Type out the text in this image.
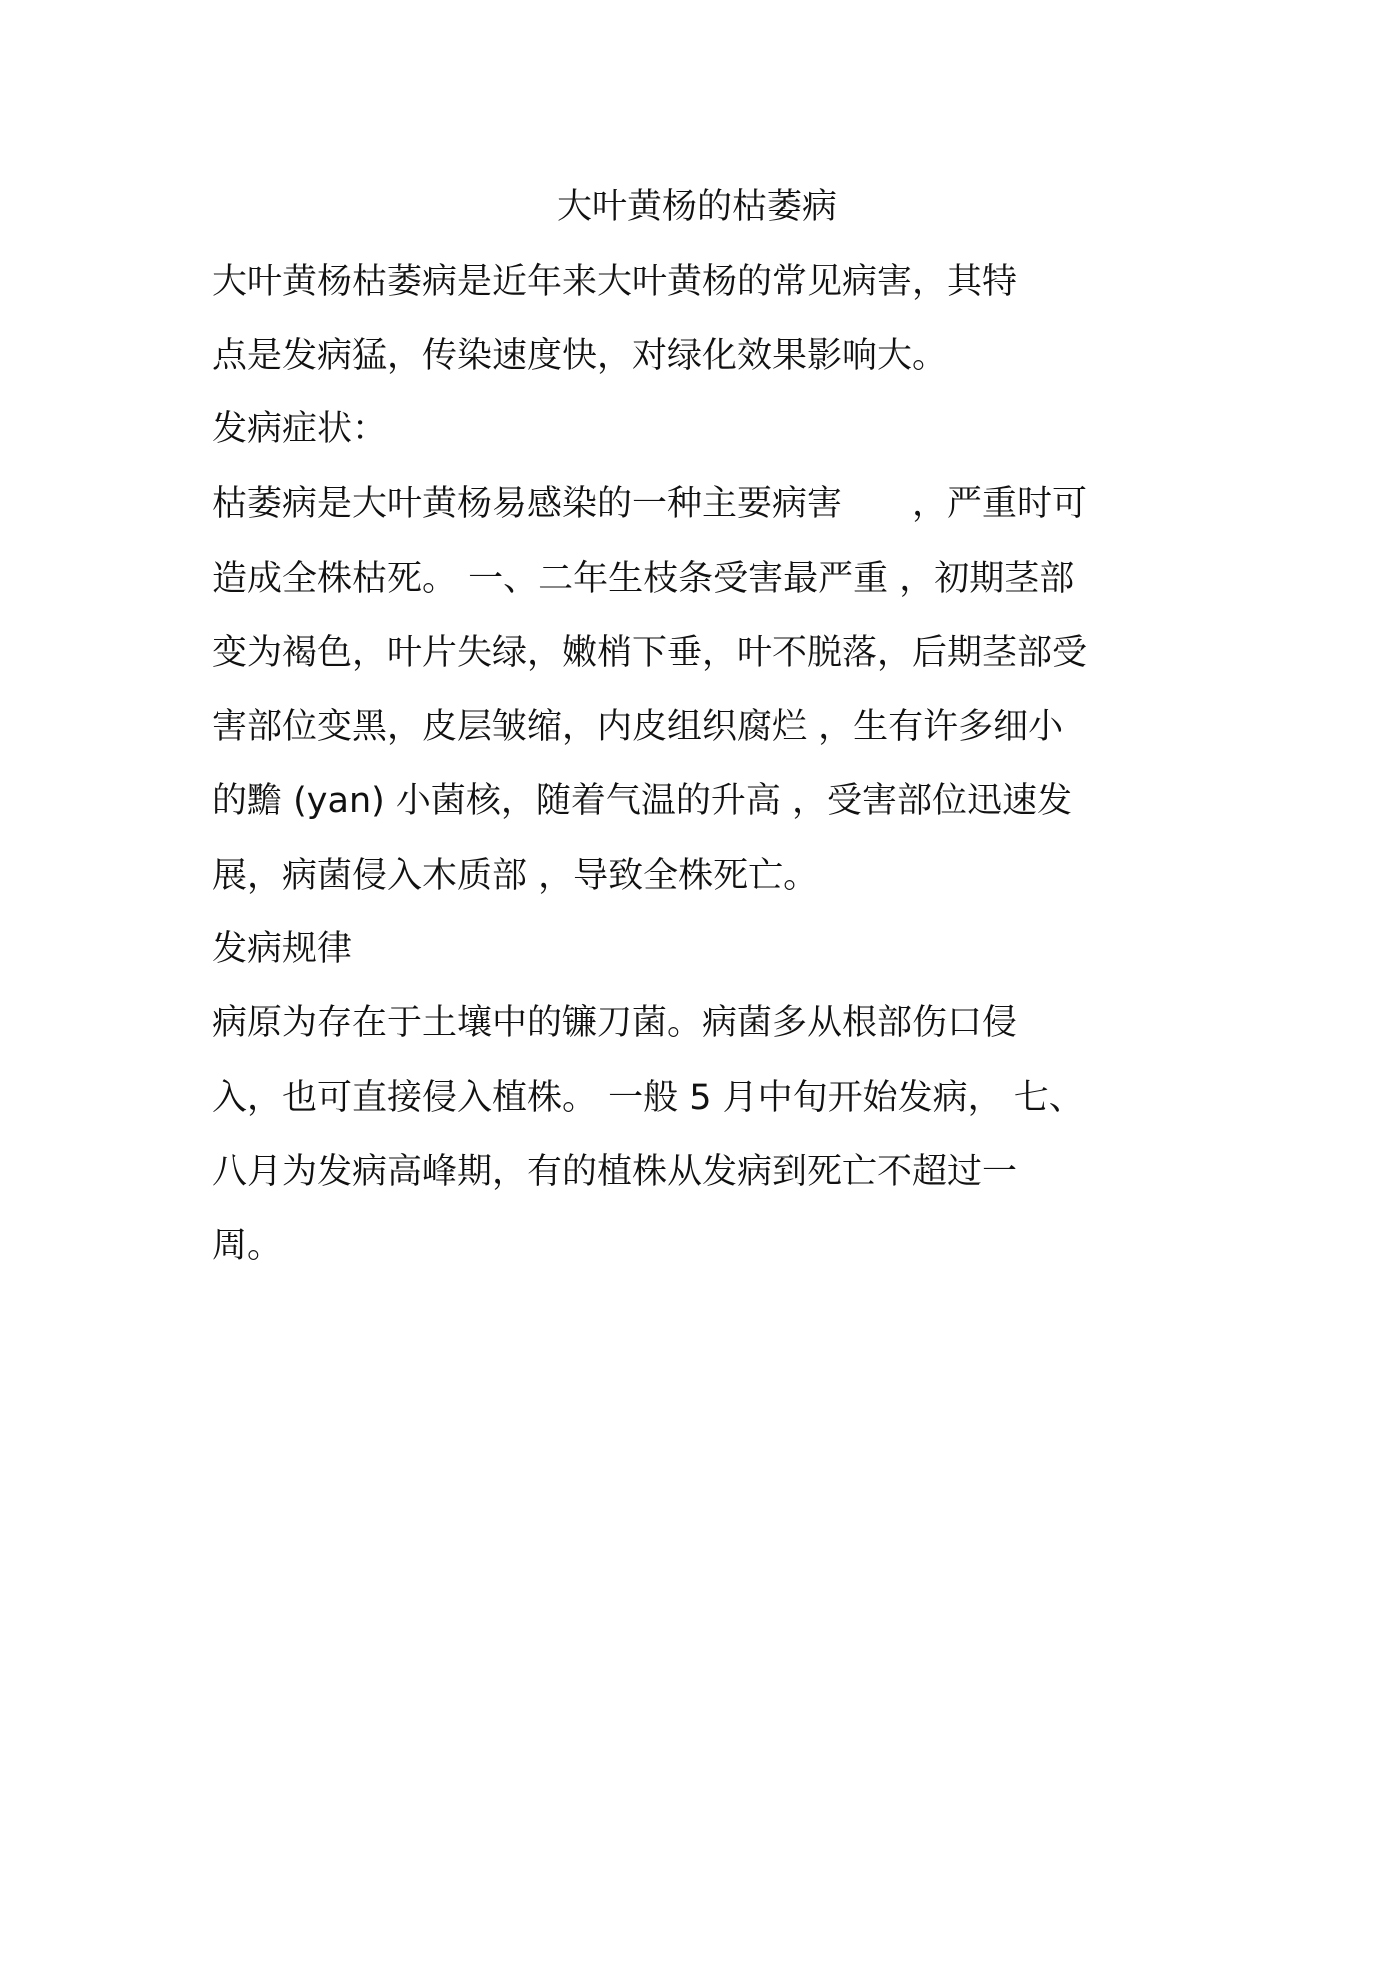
大叶黄杨的枯萎病
大叶黄杨枯萎病是近年来大叶黄杨的常见病害，其特
点是发病猛，传染速度快，对绿化效果影响大。
发病症状：
枯萎病是大叶黄杨易感染的一种主要病害　　，严重时可
造成全株枯死。 一、二年生枝条受害最严重 ，初期茎部
变为褐色，叶片失绿，嫩梢下垂，叶不脱落，后期茎部受
害部位变黑，皮层皱缩，内皮组织腐烂 ，生有许多细小
的黵 (yan) 小菌核，随着气温的升高 ，受害部位迅速发
展，病菌侵入木质部 ，导致全株死亡。
发病规律
病原为存在于土壤中的镰刀菌。病菌多从根部伤口侵
入，也可直接侵入植株。 一般 5 月中旬开始发病， 七、
八月为发病高峰期，有的植株从发病到死亡不超过一
周。
